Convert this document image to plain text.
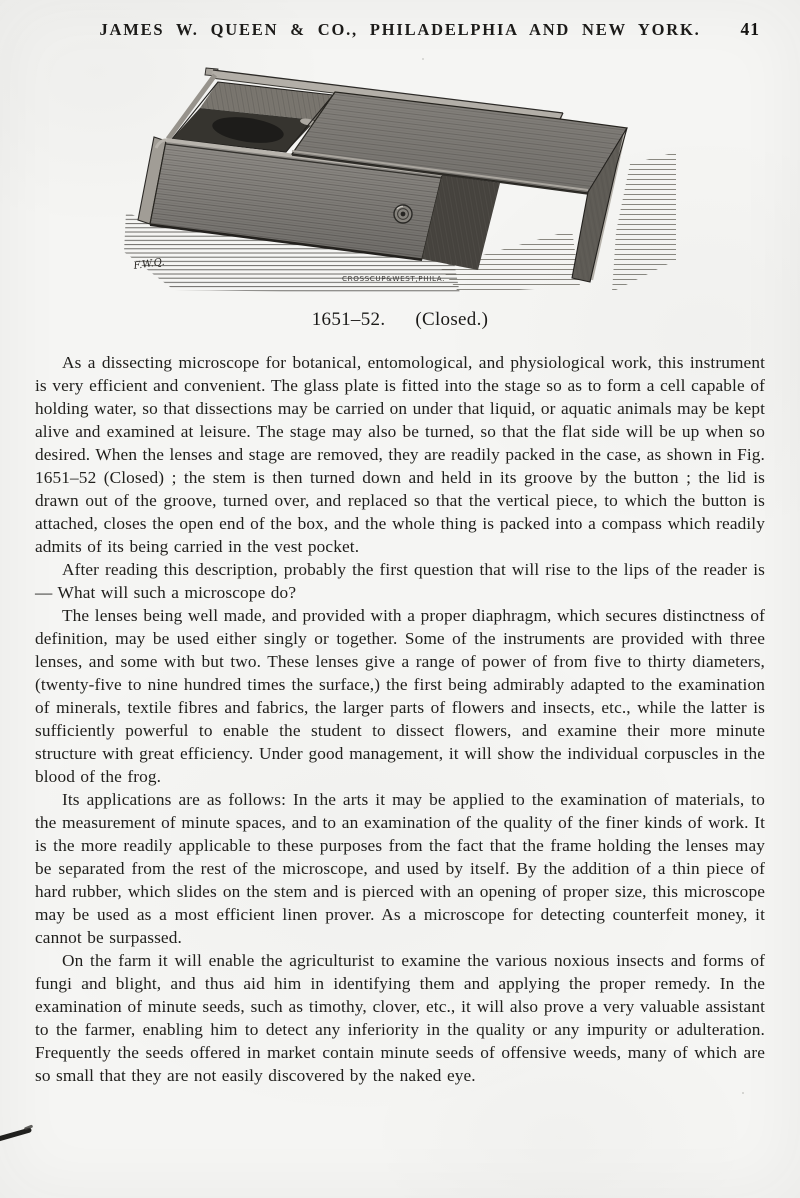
JAMES W. QUEEN & CO., PHILADELPHIA AND NEW YORK.	41
F.W.Q.
CROSSCUP&WEST,PHILA.
1651–52. (Closed.)

As a dissecting microscope for botanical, entomological, and physiological work, this instrument is very efficient and convenient. The glass plate is fitted into the stage so as to form a cell capable of holding water, so that dissections may be carried on under that liquid, or aquatic animals may be kept alive and examined at leisure. The stage may also be turned, so that the flat side will be up when so desired. When the lenses and stage are removed, they are readily packed in the case, as shown in Fig. 1651–52 (Closed) ; the stem is then turned down and held in its groove by the button ; the lid is drawn out of the groove, turned over, and replaced so that the vertical piece, to which the button is attached, closes the open end of the box, and the whole thing is packed into a compass which readily admits of its being carried in the vest pocket.

After reading this description, probably the first question that will rise to the lips of the reader is — What will such a microscope do?

The lenses being well made, and provided with a proper diaphragm, which secures distinctness of definition, may be used either singly or together. Some of the instruments are provided with three lenses, and some with but two. These lenses give a range of power of from five to thirty diameters, (twenty-five to nine hundred times the surface,) the first being admirably adapted to the examination of minerals, textile fibres and fabrics, the larger parts of flowers and insects, etc., while the latter is sufficiently powerful to enable the student to dissect flowers, and examine their more minute structure with great efficiency. Under good management, it will show the individual corpuscles in the blood of the frog.

Its applications are as follows: In the arts it may be applied to the examination of materials, to the measurement of minute spaces, and to an examination of the quality of the finer kinds of work. It is the more readily applicable to these purposes from the fact that the frame holding the lenses may be separated from the rest of the microscope, and used by itself. By the addition of a thin piece of hard rubber, which slides on the stem and is pierced with an opening of proper size, this microscope may be used as a most efficient linen prover. As a microscope for detecting counterfeit money, it cannot be surpassed.

On the farm it will enable the agriculturist to examine the various noxious insects and forms of fungi and blight, and thus aid him in identifying them and applying the proper remedy. In the examination of minute seeds, such as timothy, clover, etc., it will also prove a very valuable assistant to the farmer, enabling him to detect any inferiority in the quality or any impurity or adulteration. Frequently the seeds offered in market contain minute seeds of offensive weeds, many of which are so small that they are not easily discovered by the naked eye.
